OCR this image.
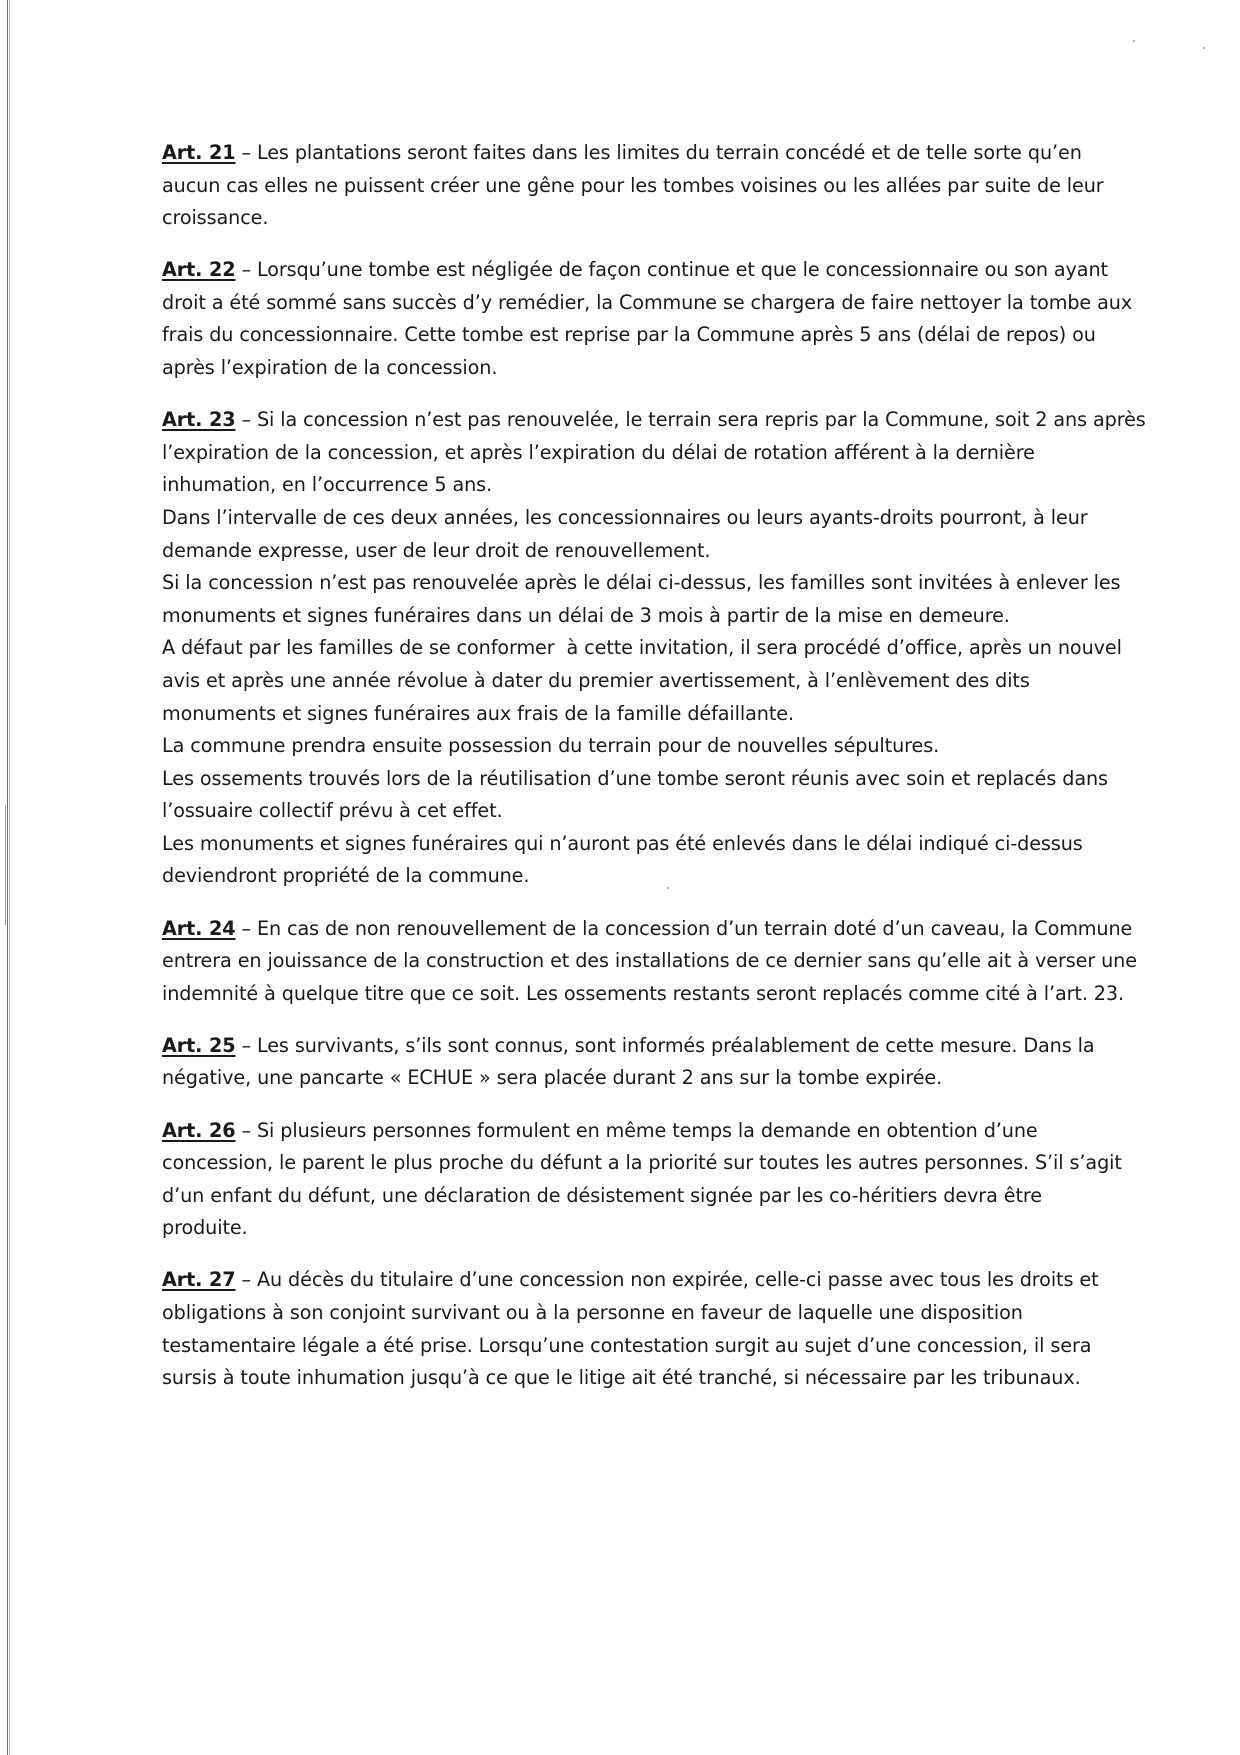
Art. 21 – Les plantations seront faites dans les limites du terrain concédé et de telle sorte qu’en
aucun cas elles ne puissent créer une gêne pour les tombes voisines ou les allées par suite de leur
croissance.
Art. 22 – Lorsqu’une tombe est négligée de façon continue et que le concessionnaire ou son ayant
droit a été sommé sans succès d’y remédier, la Commune se chargera de faire nettoyer la tombe aux
frais du concessionnaire. Cette tombe est reprise par la Commune après 5 ans (délai de repos) ou
après l’expiration de la concession.
Art. 23 – Si la concession n’est pas renouvelée, le terrain sera repris par la Commune, soit 2 ans après
l’expiration de la concession, et après l’expiration du délai de rotation afférent à la dernière
inhumation, en l’occurrence 5 ans.
Dans l’intervalle de ces deux années, les concessionnaires ou leurs ayants-droits pourront, à leur
demande expresse, user de leur droit de renouvellement.
Si la concession n’est pas renouvelée après le délai ci-dessus, les familles sont invitées à enlever les
monuments et signes funéraires dans un délai de 3 mois à partir de la mise en demeure.
A défaut par les familles de se conformer  à cette invitation, il sera procédé d’office, après un nouvel
avis et après une année révolue à dater du premier avertissement, à l’enlèvement des dits
monuments et signes funéraires aux frais de la famille défaillante.
La commune prendra ensuite possession du terrain pour de nouvelles sépultures.
Les ossements trouvés lors de la réutilisation d’une tombe seront réunis avec soin et replacés dans
l’ossuaire collectif prévu à cet effet.
Les monuments et signes funéraires qui n’auront pas été enlevés dans le délai indiqué ci-dessus
deviendront propriété de la commune.
Art. 24 – En cas de non renouvellement de la concession d’un terrain doté d’un caveau, la Commune
entrera en jouissance de la construction et des installations de ce dernier sans qu’elle ait à verser une
indemnité à quelque titre que ce soit. Les ossements restants seront replacés comme cité à l’art. 23.
Art. 25 – Les survivants, s’ils sont connus, sont informés préalablement de cette mesure. Dans la
négative, une pancarte « ECHUE » sera placée durant 2 ans sur la tombe expirée.
Art. 26 – Si plusieurs personnes formulent en même temps la demande en obtention d’une
concession, le parent le plus proche du défunt a la priorité sur toutes les autres personnes. S’il s’agit
d’un enfant du défunt, une déclaration de désistement signée par les co-héritiers devra être
produite.
Art. 27 – Au décès du titulaire d’une concession non expirée, celle-ci passe avec tous les droits et
obligations à son conjoint survivant ou à la personne en faveur de laquelle une disposition
testamentaire légale a été prise. Lorsqu’une contestation surgit au sujet d’une concession, il sera
sursis à toute inhumation jusqu’à ce que le litige ait été tranché, si nécessaire par les tribunaux.
